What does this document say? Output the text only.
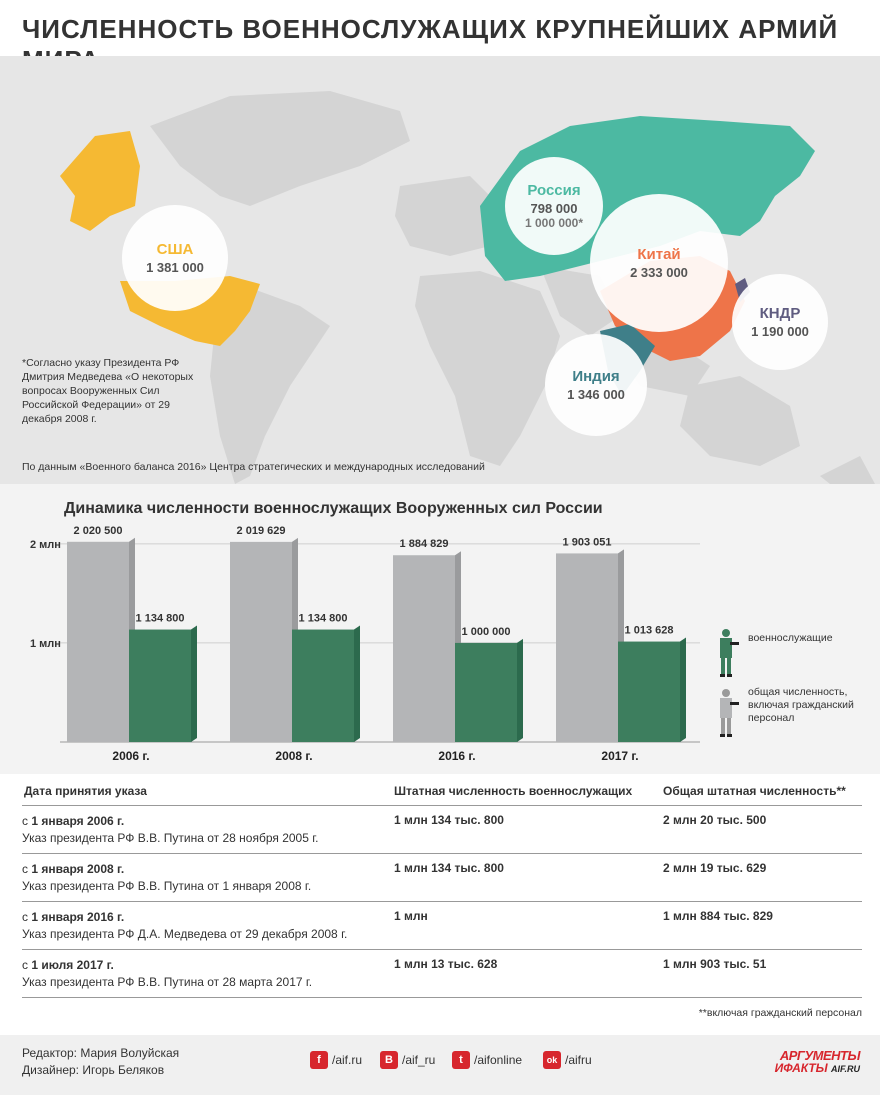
ЧИСЛЕННОСТЬ ВОЕННОСЛУЖАЩИХ КРУПНЕЙШИХ АРМИЙ
США
1 381 000
Россия
798 000
1 000 000*
Китай
2 333 000
КНДР
1 190 000
Индия
1 346 000
*Согласно указу Президента РФ Дмитрия Медведева «О некоторых вопросах Вооруженных Сил Российской Федерации» от 29 декабря 2008 г.
По данным «Военного баланса 2016» Центра стратегических и международных исследований
Динамика численности военнослужащих Вооруженных сил России
1 млн
2 млн
2 020 500
1 134 800
2006 г.
2 019 629
1 134 800
2008 г.
1 884 829
1 000 000
2016 г.
1 903 051
1 013 628
2017 г.
военнослужащие
общая численность, включая гражданский персонал
Дата принятия указа	Штатная численность военнослужащих	Общая штатная численность**
с 1 января 2006 г.
Указ президента РФ В.В. Путина от 28 ноября 2005 г.
1 млн 134 тыс. 800	2 млн 20 тыс. 500
с 1 января 2008 г.
Указ президента РФ В.В. Путина от 1 января 2008 г.
1 млн 134 тыс. 800	2 млн 19 тыс. 629
с 1 января 2016 г.
Указ президента РФ Д.А. Медведева от 29 декабря 2008 г.
1 млн	1 млн 884 тыс. 829
с 1 июля 2017 г.
Указ президента РФ В.В. Путина от 28 марта 2017 г.
1 млн 13 тыс. 628	1 млн 903 тыс. 51
**включая гражданский персонал
Редактор: Мария Волуйская
Дизайнер: Игорь Беляков
f /aif.ru	B /aif_ru	t /aifonline	ok /aifru	АРГУМЕНТЫ
ИФАКТЫ AIF.RU
